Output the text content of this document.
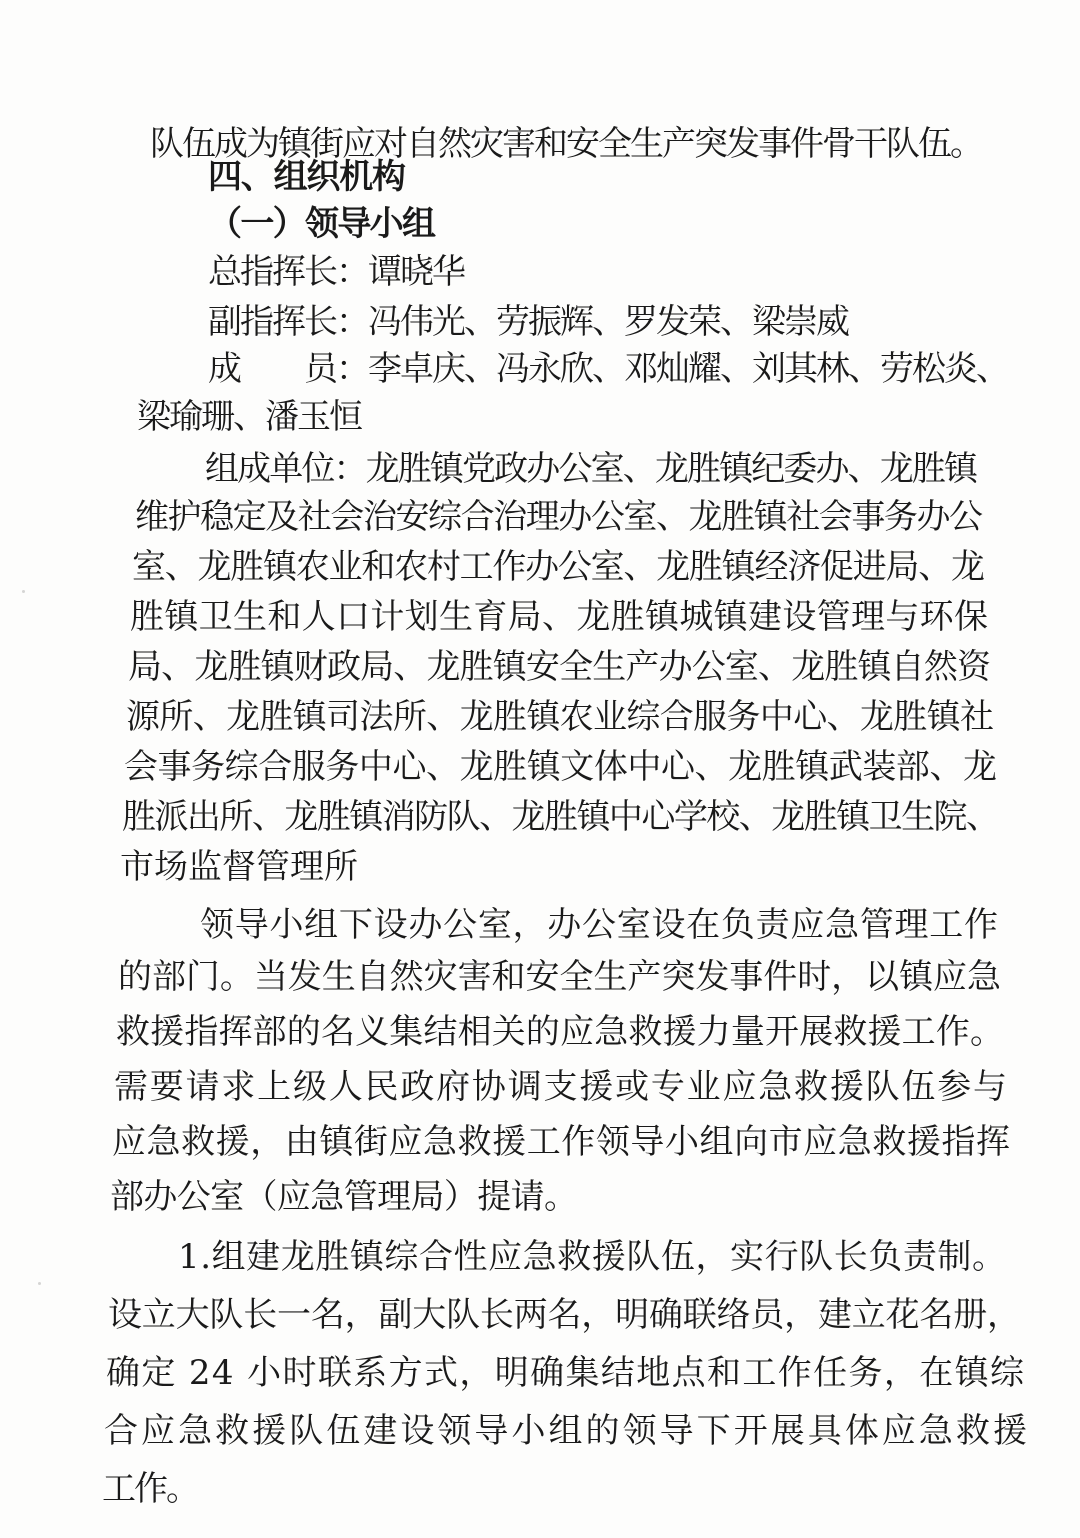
队伍成为镇街应对自然灾害和安全生产突发事件骨干队伍。
四、组织机构
（一）领导小组
总指挥长：谭晓华
副指挥长：冯伟光、劳振辉、罗发荣、梁崇威
成　　员：李卓庆、冯永欣、邓灿耀、刘其林、劳松炎、
梁瑜珊、潘玉恒
组成单位：龙胜镇党政办公室、龙胜镇纪委办、龙胜镇
维护稳定及社会治安综合治理办公室、龙胜镇社会事务办公
室、龙胜镇农业和农村工作办公室、龙胜镇经济促进局、龙
胜镇卫生和人口计划生育局、龙胜镇城镇建设管理与环保
局、龙胜镇财政局、龙胜镇安全生产办公室、龙胜镇自然资
源所、龙胜镇司法所、龙胜镇农业综合服务中心、龙胜镇社
会事务综合服务中心、龙胜镇文体中心、龙胜镇武装部、龙
胜派出所、龙胜镇消防队、龙胜镇中心学校、龙胜镇卫生院、
市场监督管理所
领导小组下设办公室，办公室设在负责应急管理工作
的部门。当发生自然灾害和安全生产突发事件时，以镇应急
救援指挥部的名义集结相关的应急救援力量开展救援工作。
需要请求上级人民政府协调支援或专业应急救援队伍参与
应急救援，由镇街应急救援工作领导小组向市应急救援指挥
部办公室（应急管理局）提请。
1.组建龙胜镇综合性应急救援队伍，实行队长负责制。
设立大队长一名，副大队长两名，明确联络员，建立花名册，
确定 24 小时联系方式，明确集结地点和工作任务，在镇综
合应急救援队伍建设领导小组的领导下开展具体应急救援
工作。
